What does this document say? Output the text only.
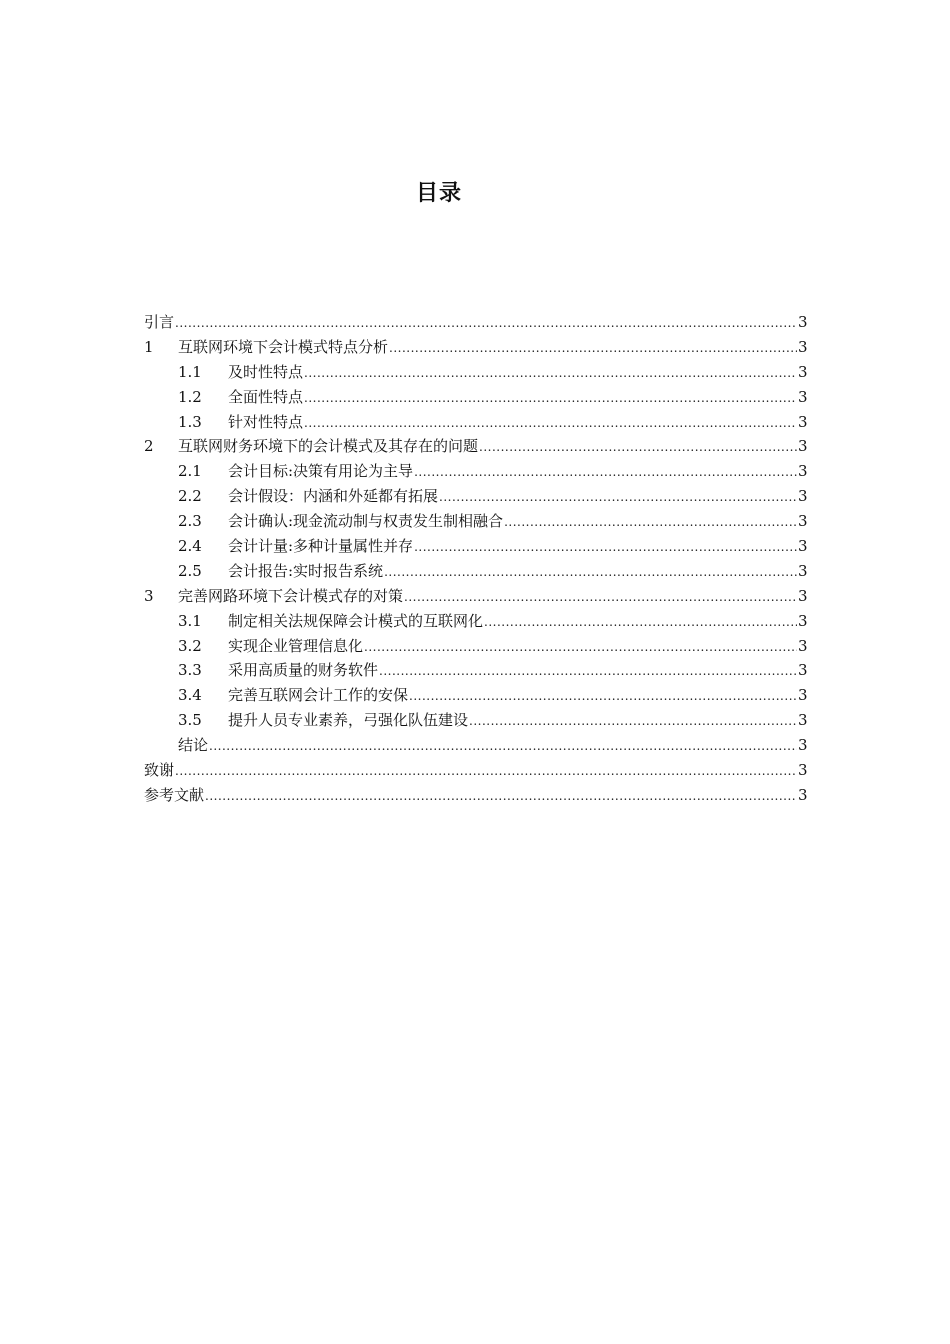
目录
引言 .....	3
1	互联网环境下会计模式特点分析 .....	3
1.1	及时性特点 .....	3
1.2	全面性特点 .....	3
1.3	针对性特点 .....	3
2	互联网财务环境下的会计模式及其存在的问题 .....	3
2.1	会计目标:决策有用论为主导 .....	3
2.2	会计假设：内涵和外延都有拓展 .....	3
2.3	会计确认:现金流动制与权责发生制相融合 .....	3
2.4	会计计量:多种计量属性并存 .....	3
2.5	会计报告:实时报告系统 .....	3
3	完善网路环境下会计模式存的对策 .....	3
3.1	制定相关法规保障会计模式的互联网化 .....	3
3.2	实现企业管理信息化 .....	3
3.3	采用高质量的财务软件 .....	3
3.4	完善互联网会计工作的安保 .....	3
3.5	提升人员专业素养，弓强化队伍建设 .....	3
结论 .....	3
致谢 .....	3
参考文献 .....	3
